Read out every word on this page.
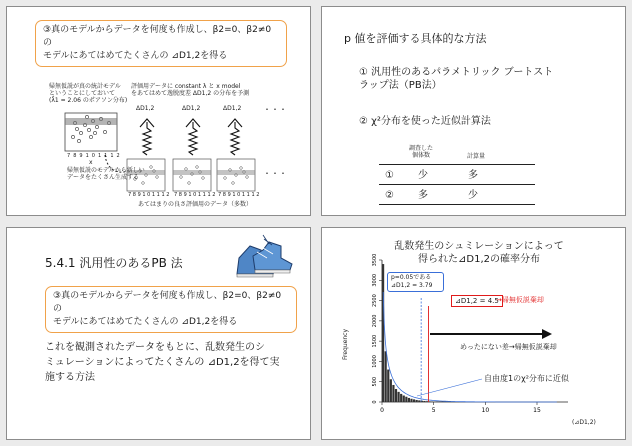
③真のモデルからデータを何度も作成し、β2=0、β2≠0の
モデルにあてはめてたくさんの ⊿D1,2を得る
帰無仮説が真の統計モデル
ということにしておいて
(λ̂1 = 2.06 のポアソン分布)
評価用データに constant λ と x model
をあてはめて逸脱度差 ΔD1,2 の分布を予測
ΔD1,2	ΔD1,2	ΔD1,2	・・・
789101112
x
帰無仮説のモデルから新しい
データをたくさん生成する
789101112 789101112 789101112
・・・
あてはまりの良さ評価用のデータ（多数）
p 値を評価する具体的な方法
① 汎用性のあるパラメトリック ブートスト
ラップ法（PB法）
② χ²分布を使った近似計算法
調査した
個体数	計算量
① 少	多
② 多	少
5.4.1 汎用性のあるPB 法
③真のモデルからデータを何度も作成し、β2=0、β2≠0の
モデルにあてはめてたくさんの ⊿D1,2を得る
これを観測されたデータをもとに、乱数発生のシ
ミュレーションによってたくさんの ⊿D1,2を得て実
施する方法
乱数発生のシュミレーションによって
得られた⊿D1,2の確率分布
0
500
1000
1500
2000
2500
3000
3500
0	5	10	15
Frequency
(⊿D1,2)
p=0.05である
⊿D1,2 = 3.79
⊿D1,2 = 4.5
→帰無仮説棄却
めったにない差→帰無仮説棄却
自由度1のχ²分布に近似
